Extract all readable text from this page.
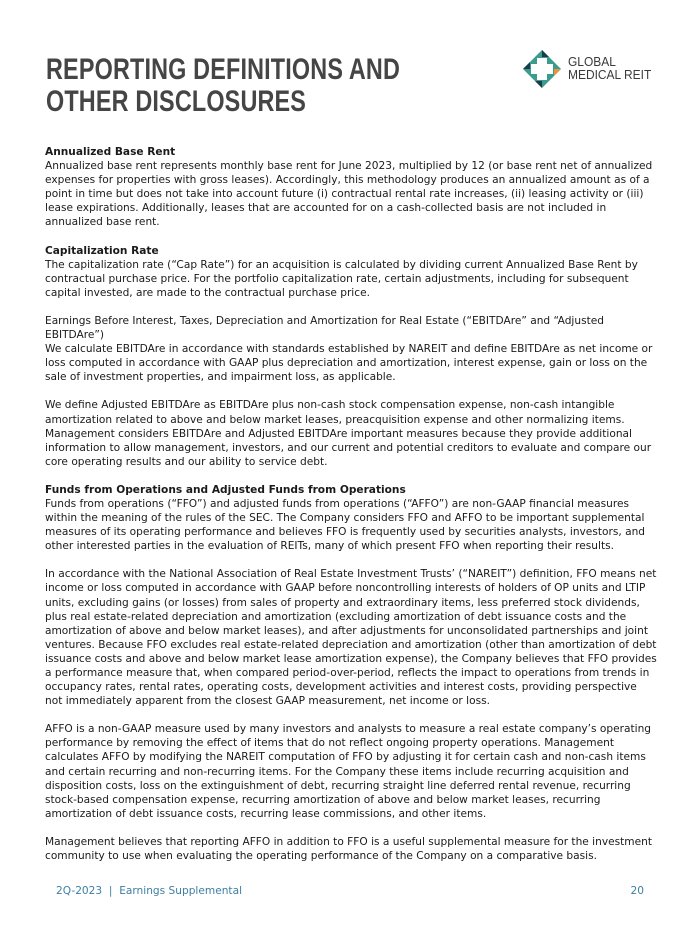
REPORTING DEFINITIONS AND
OTHER DISCLOSURES
GLOBAL
MEDICAL REIT

Annualized Base Rent
Annualized base rent represents monthly base rent for June 2023, multiplied by 12 (or base rent net of annualized expenses for properties with gross leases). Accordingly, this methodology produces an annualized amount as of a point in time but does not take into account future (i) contractual rental rate increases, (ii) leasing activity or (iii) lease expirations. Additionally, leases that are accounted for on a cash-collected basis are not included in annualized base rent.

Capitalization Rate
The capitalization rate (“Cap Rate”) for an acquisition is calculated by dividing current Annualized Base Rent by contractual purchase price. For the portfolio capitalization rate, certain adjustments, including for subsequent capital invested, are made to the contractual purchase price.

Earnings Before Interest, Taxes, Depreciation and Amortization for Real Estate (“EBITDAre” and “Adjusted EBITDAre”)
We calculate EBITDAre in accordance with standards established by NAREIT and define EBITDAre as net income or loss computed in accordance with GAAP plus depreciation and amortization, interest expense, gain or loss on the sale of investment properties, and impairment loss, as applicable.

We define Adjusted EBITDAre as EBITDAre plus non-cash stock compensation expense, non-cash intangible amortization related to above and below market leases, preacquisition expense and other normalizing items. Management considers EBITDAre and Adjusted EBITDAre important measures because they provide additional information to allow management, investors, and our current and potential creditors to evaluate and compare our core operating results and our ability to service debt.

Funds from Operations and Adjusted Funds from Operations
Funds from operations (“FFO”) and adjusted funds from operations (“AFFO”) are non-GAAP financial measures within the meaning of the rules of the SEC. The Company considers FFO and AFFO to be important supplemental measures of its operating performance and believes FFO is frequently used by securities analysts, investors, and other interested parties in the evaluation of REITs, many of which present FFO when reporting their results.

In accordance with the National Association of Real Estate Investment Trusts’ (“NAREIT”) definition, FFO means net income or loss computed in accordance with GAAP before noncontrolling interests of holders of OP units and LTIP units, excluding gains (or losses) from sales of property and extraordinary items, less preferred stock dividends, plus real estate-related depreciation and amortization (excluding amortization of debt issuance costs and the amortization of above and below market leases), and after adjustments for unconsolidated partnerships and joint ventures. Because FFO excludes real estate-related depreciation and amortization (other than amortization of debt issuance costs and above and below market lease amortization expense), the Company believes that FFO provides a performance measure that, when compared period-over-period, reflects the impact to operations from trends in occupancy rates, rental rates, operating costs, development activities and interest costs, providing perspective not immediately apparent from the closest GAAP measurement, net income or loss.

AFFO is a non-GAAP measure used by many investors and analysts to measure a real estate company’s operating performance by removing the effect of items that do not reflect ongoing property operations. Management calculates AFFO by modifying the NAREIT computation of FFO by adjusting it for certain cash and non-cash items and certain recurring and non-recurring items. For the Company these items include recurring acquisition and disposition costs, loss on the extinguishment of debt, recurring straight line deferred rental revenue, recurring stock-based compensation expense, recurring amortization of above and below market leases, recurring amortization of debt issuance costs, recurring lease commissions, and other items.

Management believes that reporting AFFO in addition to FFO is a useful supplemental measure for the investment community to use when evaluating the operating performance of the Company on a comparative basis.

2Q-2023  |  Earnings Supplemental	20
